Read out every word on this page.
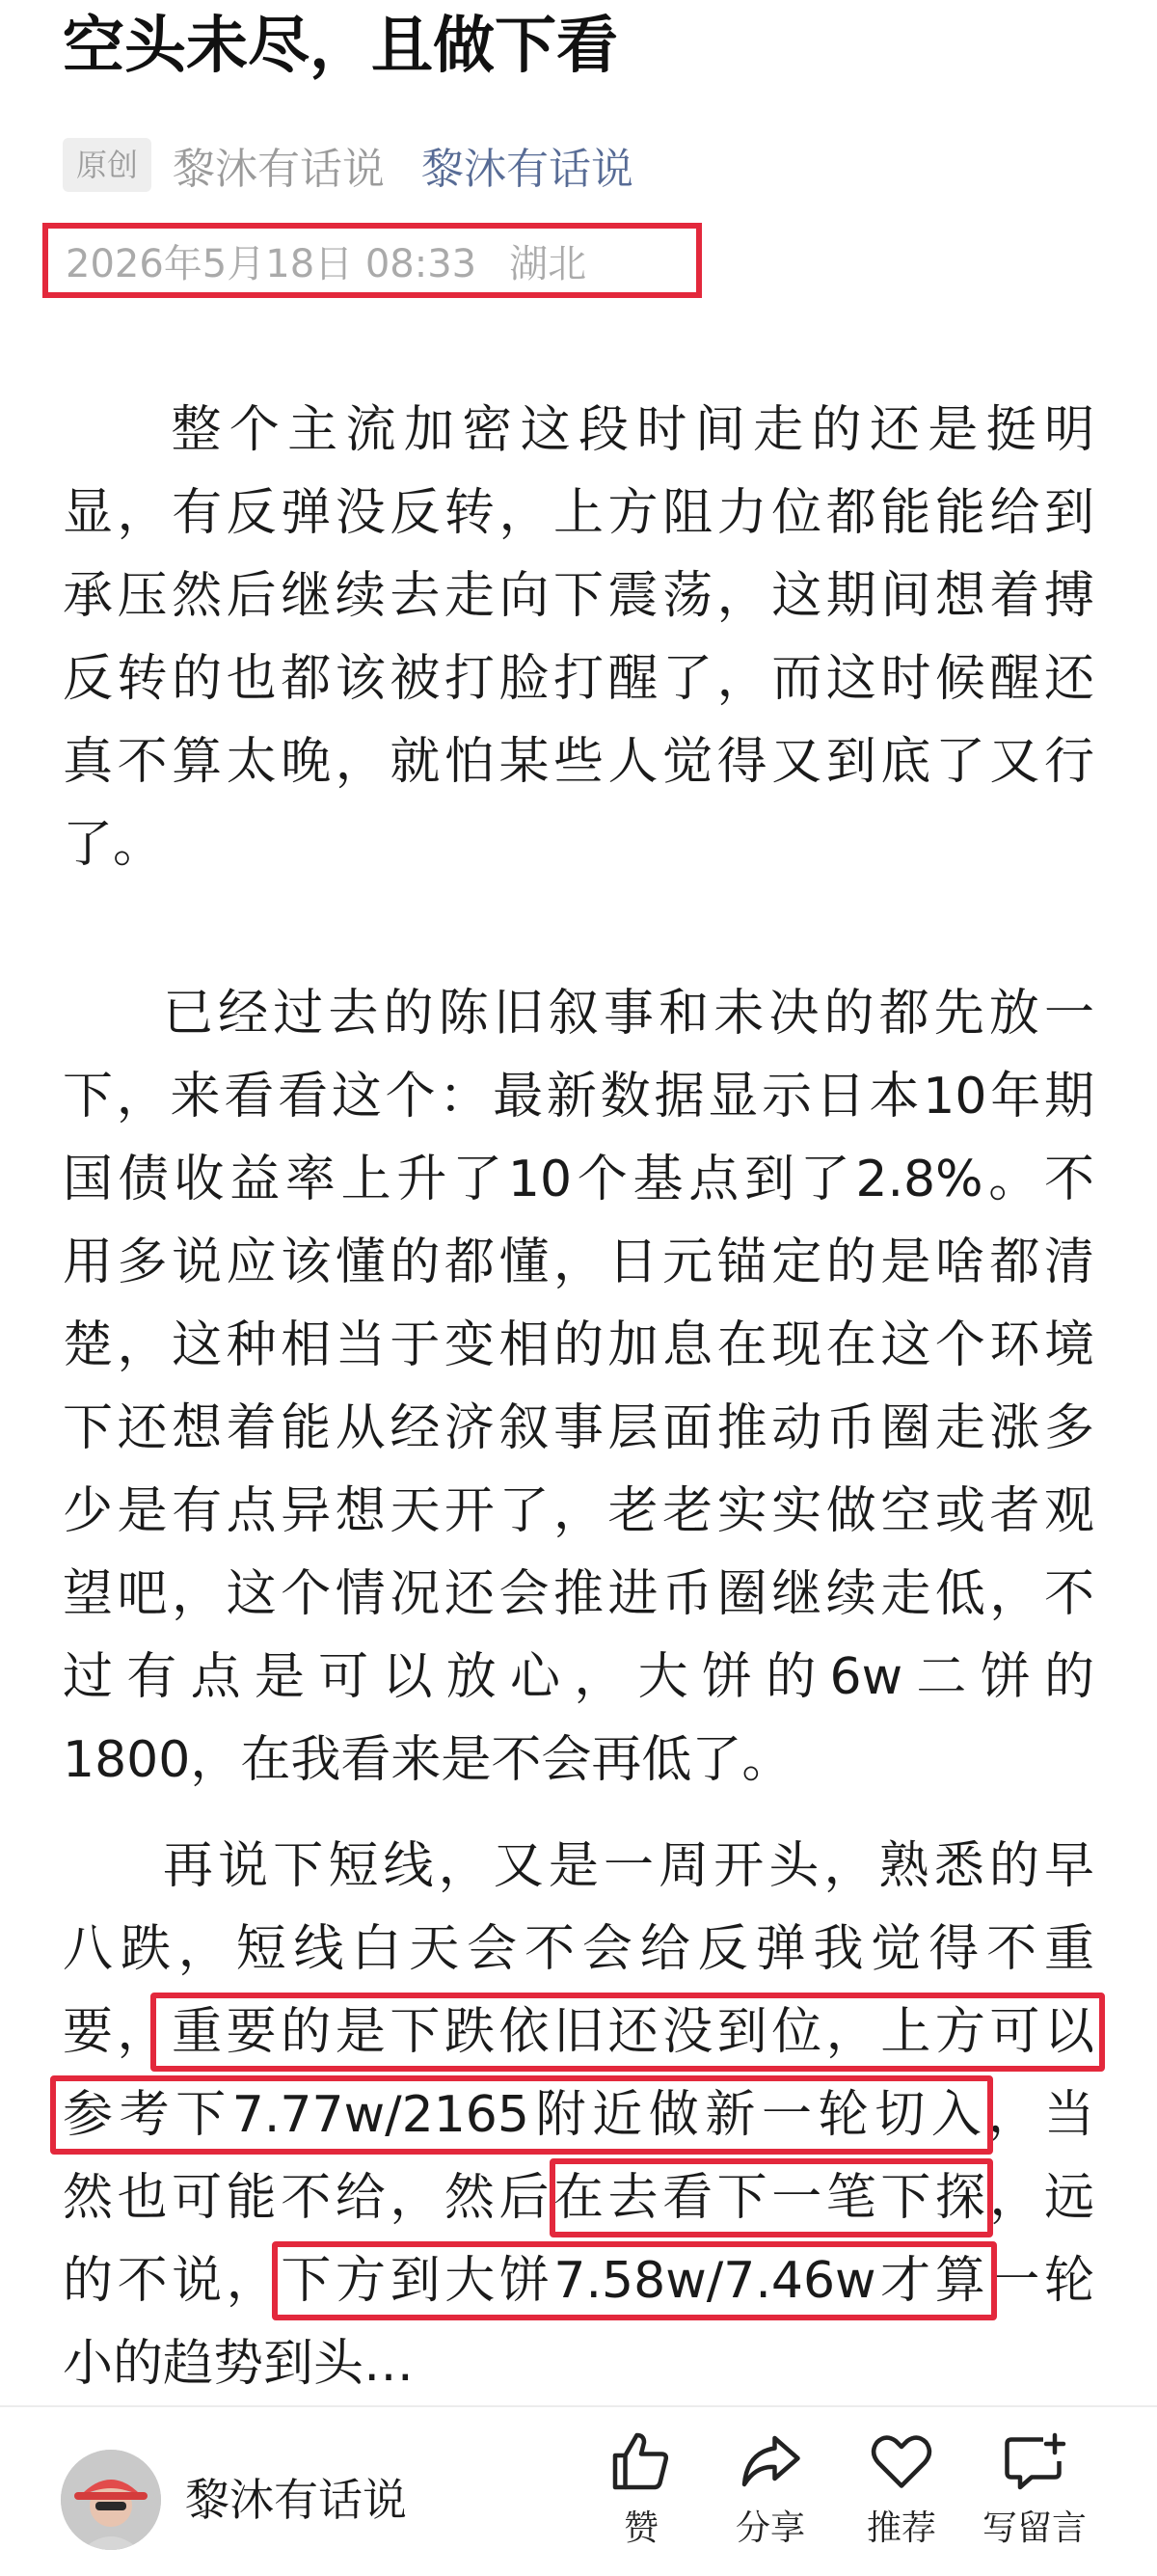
空头未尽，且做下看
原创 黎沐有话说 黎沐有话说
2026年5月18日 08:33 湖北
　整个主流加密这段时间走的还是挺明
显，有反弹没反转，上方阻力位都能能给到
承压然后继续去走向下震荡，这期间想着搏
反转的也都该被打脸打醒了，而这时候醒还
真不算太晚，就怕某些人觉得又到底了又行
了。
已经过去的陈旧叙事和未决的都先放一
下，来看看这个：最新数据显示日本10年期
国债收益率上升了10个基点到了2.8%。不
用多说应该懂的都懂，日元锚定的是啥都清
楚，这种相当于变相的加息在现在这个环境
下还想着能从经济叙事层面推动币圈走涨多
少是有点异想天开了，老老实实做空或者观
望吧，这个情况还会推进币圈继续走低，不
过有点是可以放心，大饼的6w二饼的
1800，在我看来是不会再低了。
再说下短线，又是一周开头，熟悉的早
八跌，短线白天会不会给反弹我觉得不重
要，重要的是下跌依旧还没到位，上方可以
参考下7.77w/2165附近做新一轮切入，当
然也可能不给，然后在去看下一笔下探，远
的不说，下方到大饼7.58w/7.46w才算一轮
小的趋势到头…
黎沐有话说
赞 分享 推荐 写留言
